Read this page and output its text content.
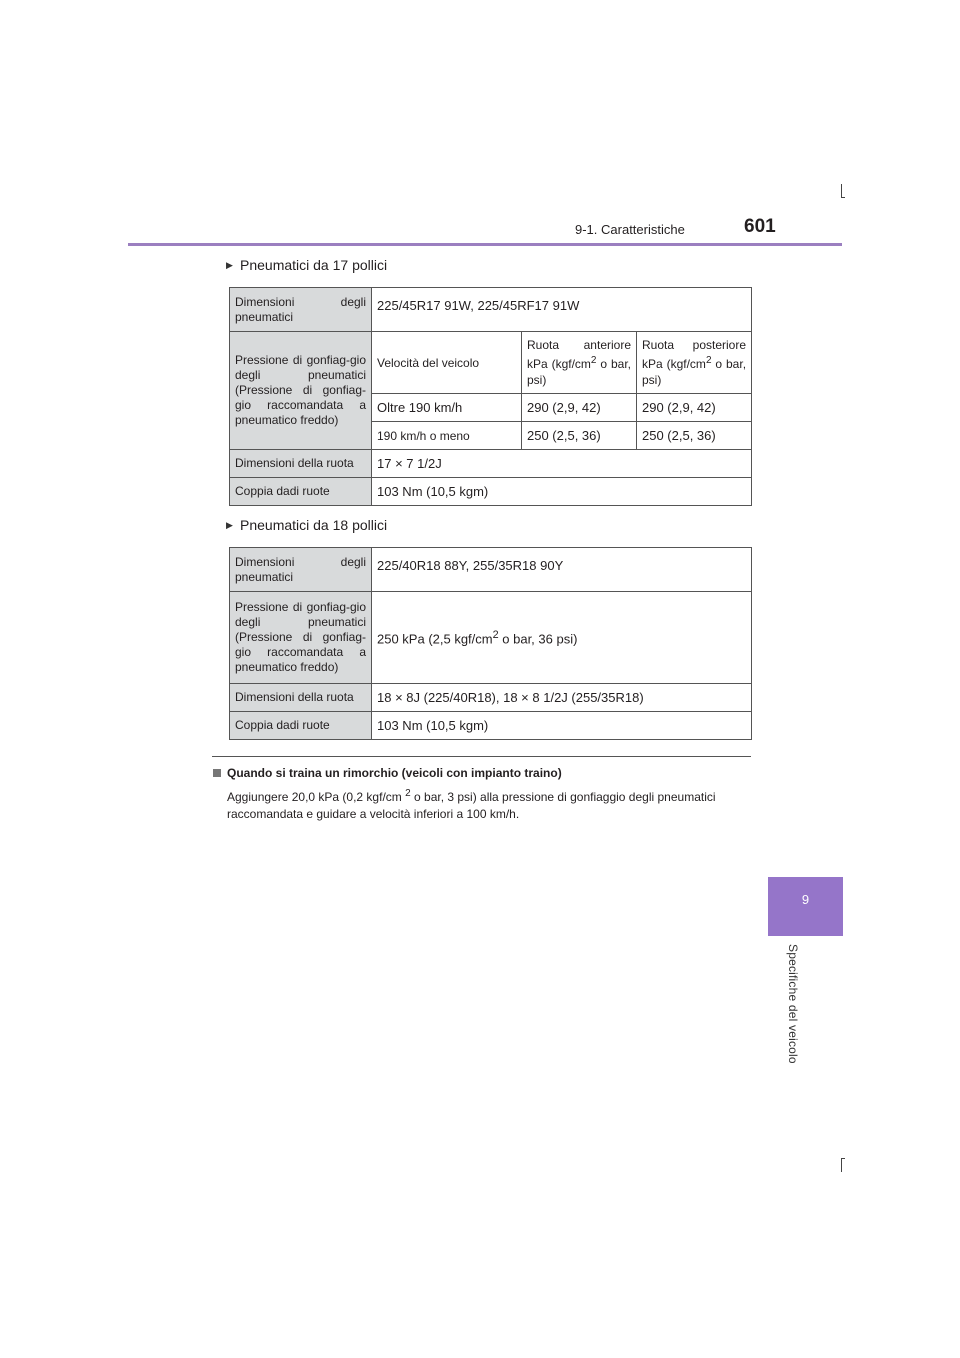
9-1. Caratteristiche	601
9
Specifiche del veicolo
▶ Pneumatici da 17 pollici
Dimensioni degli pneumatici	225/45R17 91W, 225/45RF17 91W		
Pressione di gonfiag-gio degli pneumatici (Pressione di gonfiag-gio raccomandata a pneumatico freddo)	Velocità del veicolo	Ruota anteriore kPa ($kgf/cm^2$ o bar, psi)	Ruota posteriore kPa ($kgf/cm^2$ o bar, psi)
	Oltre 190 km/h	290 (2,9, 42)	290 (2,9, 42)
	190 km/h o meno	250 (2,5, 36)	250 (2,5, 36)
Dimensioni della ruota	17 × 7 1/2J		
Coppia dadi ruote	103 Nm (10,5 kgm)		
▶ Pneumatici da 18 pollici
Dimensioni degli pneumatici	225/40R18 88Y, 255/35R18 90Y
Pressione di gonfiag-gio degli pneumatici (Pressione di gonfiag-gio raccomandata a pneumatico freddo)	250 kPa (2,5 kgf/$cm^2$ o bar, 36 psi)
Dimensioni della ruota	18 × 8J (225/40R18), 18 × 8 1/2J (255/35R18)
Coppia dadi ruote	103 Nm (10,5 kgm)
Quando si traina un rimorchio (veicoli con impianto traino)
Aggiungere 20,0 kPa (0,2 kgf/cm $^2$ o bar, 3 psi) alla pressione di gonfiaggio degli pneumatici raccomandata e guidare a velocità inferiori a 100 km/h.
